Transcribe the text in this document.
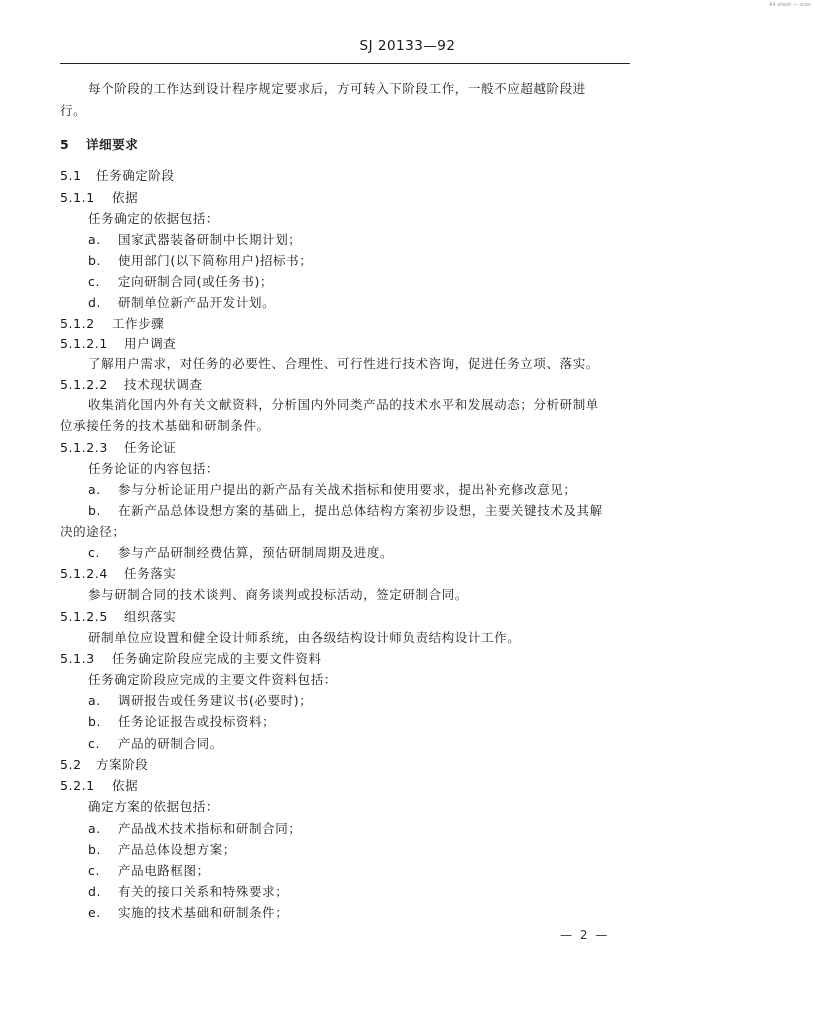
A4 sheet — scan
SJ 20133—92
每个阶段的工作达到设计程序规定要求后，方可转入下阶段工作，一般不应超越阶段进
行。
5 详细要求
5.1 任务确定阶段
5.1.1 依据
任务确定的依据包括：
a. 国家武器装备研制中长期计划；
b. 使用部门(以下简称用户)招标书；
c. 定向研制合同(或任务书)；
d. 研制单位新产品开发计划。
5.1.2 工作步骤
5.1.2.1 用户调查
了解用户需求，对任务的必要性、合理性、可行性进行技术咨询，促进任务立项、落实。
5.1.2.2 技术现状调查
收集消化国内外有关文献资料，分析国内外同类产品的技术水平和发展动态；分析研制单
位承接任务的技术基础和研制条件。
5.1.2.3 任务论证
任务论证的内容包括：
a. 参与分析论证用户提出的新产品有关战术指标和使用要求，提出补充修改意见；
b. 在新产品总体设想方案的基础上，提出总体结构方案初步设想，主要关键技术及其解
决的途径；
c. 参与产品研制经费估算，预估研制周期及进度。
5.1.2.4 任务落实
参与研制合同的技术谈判、商务谈判或投标活动，签定研制合同。
5.1.2.5 组织落实
研制单位应设置和健全设计师系统，由各级结构设计师负责结构设计工作。
5.1.3 任务确定阶段应完成的主要文件资料
任务确定阶段应完成的主要文件资料包括：
a. 调研报告或任务建议书(必要时)；
b. 任务论证报告或投标资料；
c. 产品的研制合同。
5.2 方案阶段
5.2.1 依据
确定方案的依据包括：
a. 产品战术技术指标和研制合同；
b. 产品总体设想方案；
c. 产品电路框图；
d. 有关的接口关系和特殊要求；
e. 实施的技术基础和研制条件；
— 2 —
